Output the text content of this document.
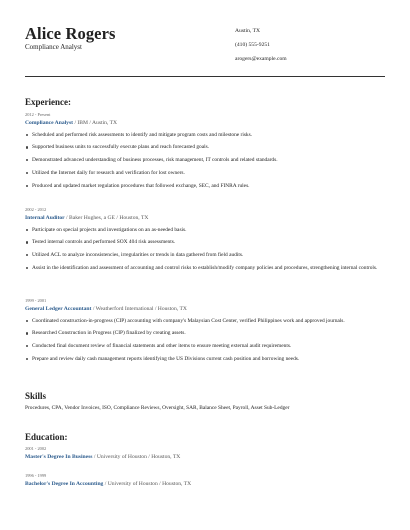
Alice Rogers
Compliance Analyst
Austin, TX
(410) 555-9251
arogers@example.com
Experience:
2012 - Present
Compliance Analyst / IBM / Austin, TX
Scheduled and performed risk assessments to identify and mitigate program costs and milestone risks.
Supported business units to successfully execute plans and reach forecasted goals.
Demonstrated advanced understanding of business processes, risk management, IT controls and related standards.
Utilized the Internet daily for research and verification for lost owners.
Produced and updated market regulation procedures that followed exchange, SEC, and FINRA rules.
2002 - 2012
Internal Auditor / Baker Hughes, a GE / Houston, TX
Participate on special projects and investigations on an as-needed basis.
Tested internal controls and performed SOX 404 risk assessments.
Utilized ACL to analyze inconsistencies, irregularities or trends in data gathered from field audits.
Assist in the identification and assessment of accounting and control risks to establish/modify company policies and procedures, strengthening internal controls.
1999 - 2001
General Ledger Accountant / Weatherford International / Houston, TX
Coordinated construction-in-progress (CIP) accounting with company's Malaysian Cost Center, verified Philippines work and approved journals.
Researched Construction in Progress (CIP) finalized by creating assets.
Conducted final document review of financial statements and other items to ensure meeting external audit requirements.
Prepare and review daily cash management reports identifying the US Divisions current cash position and borrowing needs.
Skills
Procedures, CPA, Vendor Invoices, ISO, Compliance Reviews, Oversight, SAR, Balance Sheet, Payroll, Asset Sub-Ledger
Education:
2001 - 2002
Master's Degree In Business / University of Houston / Houston, TX
1996 - 1999
Bachelor's Degree In Accounting / University of Houston / Houston, TX
